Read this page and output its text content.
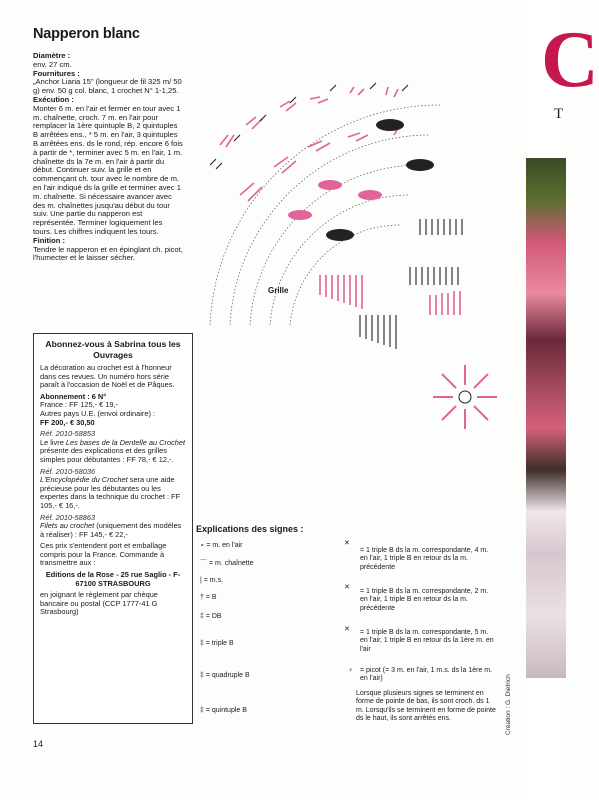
Napperon blanc

Diamètre :

env. 27 cm.

Fournitures :

„Anchor Liana 15" (longueur de fil 325 m/ 50 g) env. 50 g col. blanc, 1 crochet N° 1-1,25.

Exécution :

Monter 6 m. en l'air et fermer en tour avec 1 m. chaînette, croch. 7 m. en l'air pour remplacer la 1ère quintuple B, 2 quintuples B arrêtées ens., * 5 m. en l'air, 3 quintuples B arrêtées ens. ds le rond, rép. encore 6 fois à partir de *, terminer avec 5 m. en l'air, 1 m. chaînette ds la 7e m. en l'air à partir du début. Continuer suiv. la grille et en commençant ch. tour avec le nombre de m. en l'air indiqué ds la grille et terminer avec 1 m. chaînette. Si nécessaire avancer avec des m. chaînettes jusqu'au début du tour suiv. Une partie du napperon est représentée. Terminer logiquement les tours. Les chiffres indiquent les tours.

Finition :

Tendre le napperon et en épinglant ch. picot, l'humecter et le laisser sécher.

Abonnez-vous à Sabrina tous les Ouvrages

La décoration au crochet est à l'honneur dans ces revues. Un numéro hors série paraît à l'occasion de Noël et de Pâques.

Abonnement : 6 N°

France : FF 125,- € 19,-

Autres pays U.E. (envoi ordinaire) :

FF 200,- € 30,50

Réf. 2010-58853

Le livre Les bases de la Dentelle au Crochet présente des explications et des grilles simples pour débutantes : FF 78,- € 12,-.

Réf. 2010-58036

L'Encyclopédie du Crochet sera une aide précieuse pour les débutantes ou les expertes dans la technique du crochet : FF 105,- € 16,-.

Réf. 2010-58863

Filets au crochet (uniquement des modèles à réaliser) : FF 145,- € 22,-

Ces prix s'entendent port et emballage compris pour la France. Commande à transmettre aux :

Editions de la Rose - 25 rue Saglio - F-67100 STRASBOURG

en joignant le règlement par chèque bancaire ou postal (CCP 1777-41 G Strasbourg)

Grille
Explications des signes :
∘ = m. en l'air
⌒ = m. chaînette
| = m.s.
† = B
‡ = DB
‡ = triple B
‡ = quadruple B
‡ = quintuple B
✕
= 1 triple B ds la m. correspondante, 4 m. en l'air, 1 triple B en retour ds la m. précédente
✕
= 1 triple B ds la m. correspondante, 2 m. en l'air, 1 triple B en retour ds la m. précédente
✕ = 1 triple B ds la m. correspondante, 5 m. en l'air, 1 triple B en retour ds la 1ère m. en l'air
♀ = picot (= 3 m. en l'air, 1 m.s. ds la 1ère m. en l'air)
Lorsque plusieurs signes se terminent en forme de pointe de bas, ils sont croch. ds 1 m. Lorsqu'ils se terminent en forme de pointe ds le haut, ils sont arrêtés ens.
14
Création : G. Dietrich
C
T
